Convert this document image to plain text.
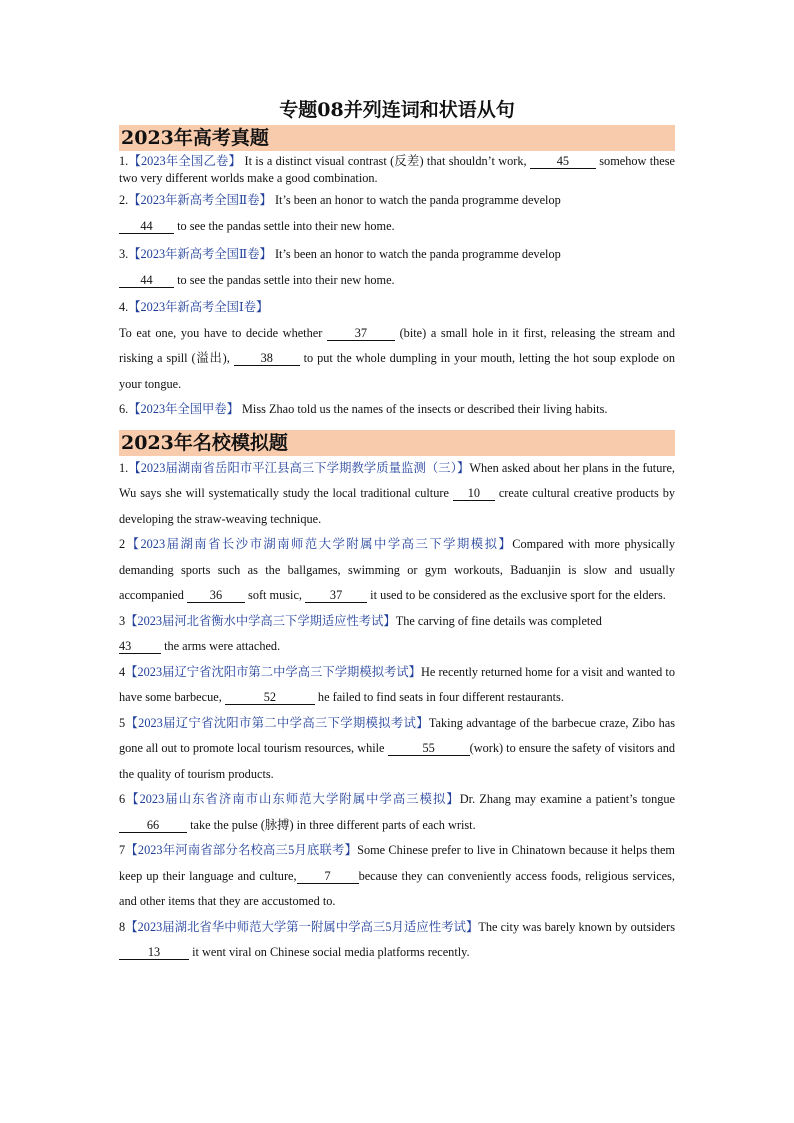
专题08并列连词和状语从句
2023年高考真题
1.【2023年全国乙卷】 It is a distinct visual contrast (反差) that shouldn’t work, 45 somehow these two very different worlds make a good combination.
2.【2023年新高考全国Ⅱ卷】 It’s been an honor to watch the panda programme develop
44 to see the pandas settle into their new home.
3.【2023年新高考全国Ⅱ卷】 It’s been an honor to watch the panda programme develop
44 to see the pandas settle into their new home.
4.【2023年新高考全国Ⅰ卷】
To eat one, you have to decide whether	37	(bite) a small hole in it first, releasing the stream and risking a spill (溢出),	38	to put the whole dumpling in your mouth, letting the hot soup explode on your tongue.
6.【2023年全国甲卷】 Miss Zhao told us the names of the insects or described their living habits.
2023年名校模拟题
1.【2023届湖南省岳阳市平江县高三下学期教学质量监测（三）】When asked about her plans in the future, Wu says she will systematically study the local traditional culture 10 create cultural creative products by developing the straw-weaving technique.
2【2023届湖南省长沙市湖南师范大学附属中学高三下学期模拟】Compared with more physically demanding sports such as the ballgames, swimming or gym workouts, Baduanjin is slow and usually accompanied 36 soft music, 37 it used to be considered as the exclusive sport for the elders.
3【2023届河北省衡水中学高三下学期适应性考试】The carving of fine details was completed
43	the arms were attached.
4【2023届辽宁省沈阳市第二中学高三下学期模拟考试】He recently returned home for a visit and wanted to have some barbecue,	52	he failed to find seats in four different restaurants.
5【2023届辽宁省沈阳市第二中学高三下学期模拟考试】Taking advantage of the barbecue craze, Zibo has gone all out to promote local tourism resources, while	55	(work) to ensure the safety of visitors and the quality of tourism products.
6【2023届山东省济南市山东师范大学附属中学高三模拟】Dr. Zhang may examine a patient’s tongue 66	take the pulse (脉搏) in three different parts of each wrist.
7【2023年河南省部分名校高三5月底联考】Some Chinese prefer to live in Chinatown because it helps them keep up their language and culture, 7 because they can conveniently access foods, religious services, and other items that they are accustomed to.
8【2023届湖北省华中师范大学第一附属中学高三5月适应性考试】The city was barely known by outsiders 13	it went viral on Chinese social media platforms recently.
